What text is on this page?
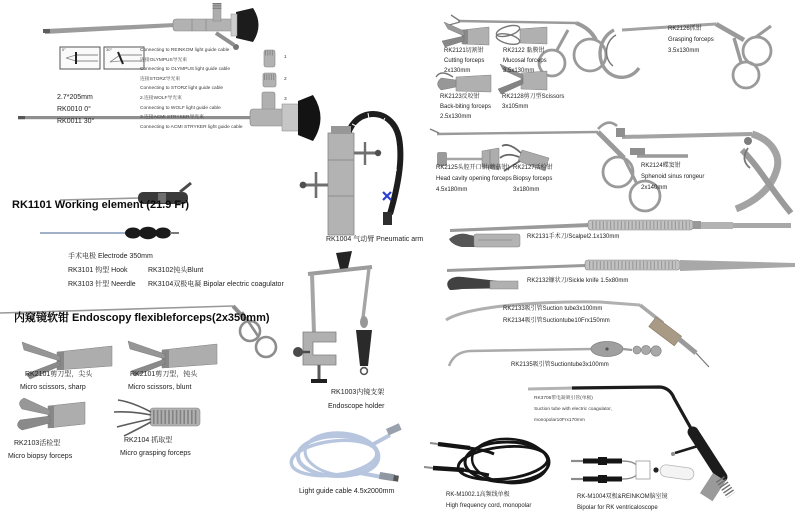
RK1101 Working element (21.9 Fr)
内窥镜软钳 Endoscopy flexibleforceps(2x350mm)
2.7*205mm
RK0010 0°
RK0011 30°
0°	30°	Connecting to REINKOM light guide cable
连接OLYMPUS导光束
Connecting to OLYMPUS light guide cable
连接STORZ导光束
Connecting to STORZ light guide cable
2.连接WOLF导光束
Connecting to WOLF light guide cable
3.连接ACMI STRYKER导光束
Connecting to ACMI STRYKER light guide cable
1
2
3
手术电极 Electrode 350mm
RK3101 钩型 Hook	RK3102钝头Blunt
RK3103 针型 Neerdle RK3104双极电凝 Bipolar electric coagulator
RK2101剪刀型，尖头
Micro scissors, sharp
RK2101剪刀型，钝头
Micro scissors, blunt
RK2103活检型
Micro biopsy forceps
RK2104 抓取型
Micro grasping forceps
RK1004 气动臂 Pneumatic arm
RK1003内镜支架
Endoscope holder
Light guide cable 4.5x2000mm
RK2121切割钳
Cutting forceps
2x130mm
RK2122 黏膜钳
Mucosal forceps
3.5x130mm
RK2123反咬钳
Back-biting forceps
2.5x130mm
RK2128剪刀型Scissors
3x105mm
RK2126抓钳
Grasping forceps
3.5x130mm
RK2125头腔开口钳(蘑菇钳)
Head cavity opening forceps
4.5x180mm
RK2127活检钳
Biopsy forceps
3x180mm
RK2124蝶窦钳
Sphenoid sinus rongeur
2x140mm
RK2131手术刀/Scalpel2.1x130mm
RK2132镰状刀/Sickle knife 1.5x80mm
RK2133吸引管Suction tube3x100mm
RK2134吸引管Suctiontube10Frx150mm
RK2135吸引管Suctiontube3x100mm
RK3706带电凝吸引管(单极)
Suction tube with electric coagulator,
monopolar10Frx170mm
RK-M1002.1高频线单极
High frequency cord, monopolar
RK-M1004双极&REINKOM脑室镜
Bipolar for RK ventricaloscope
